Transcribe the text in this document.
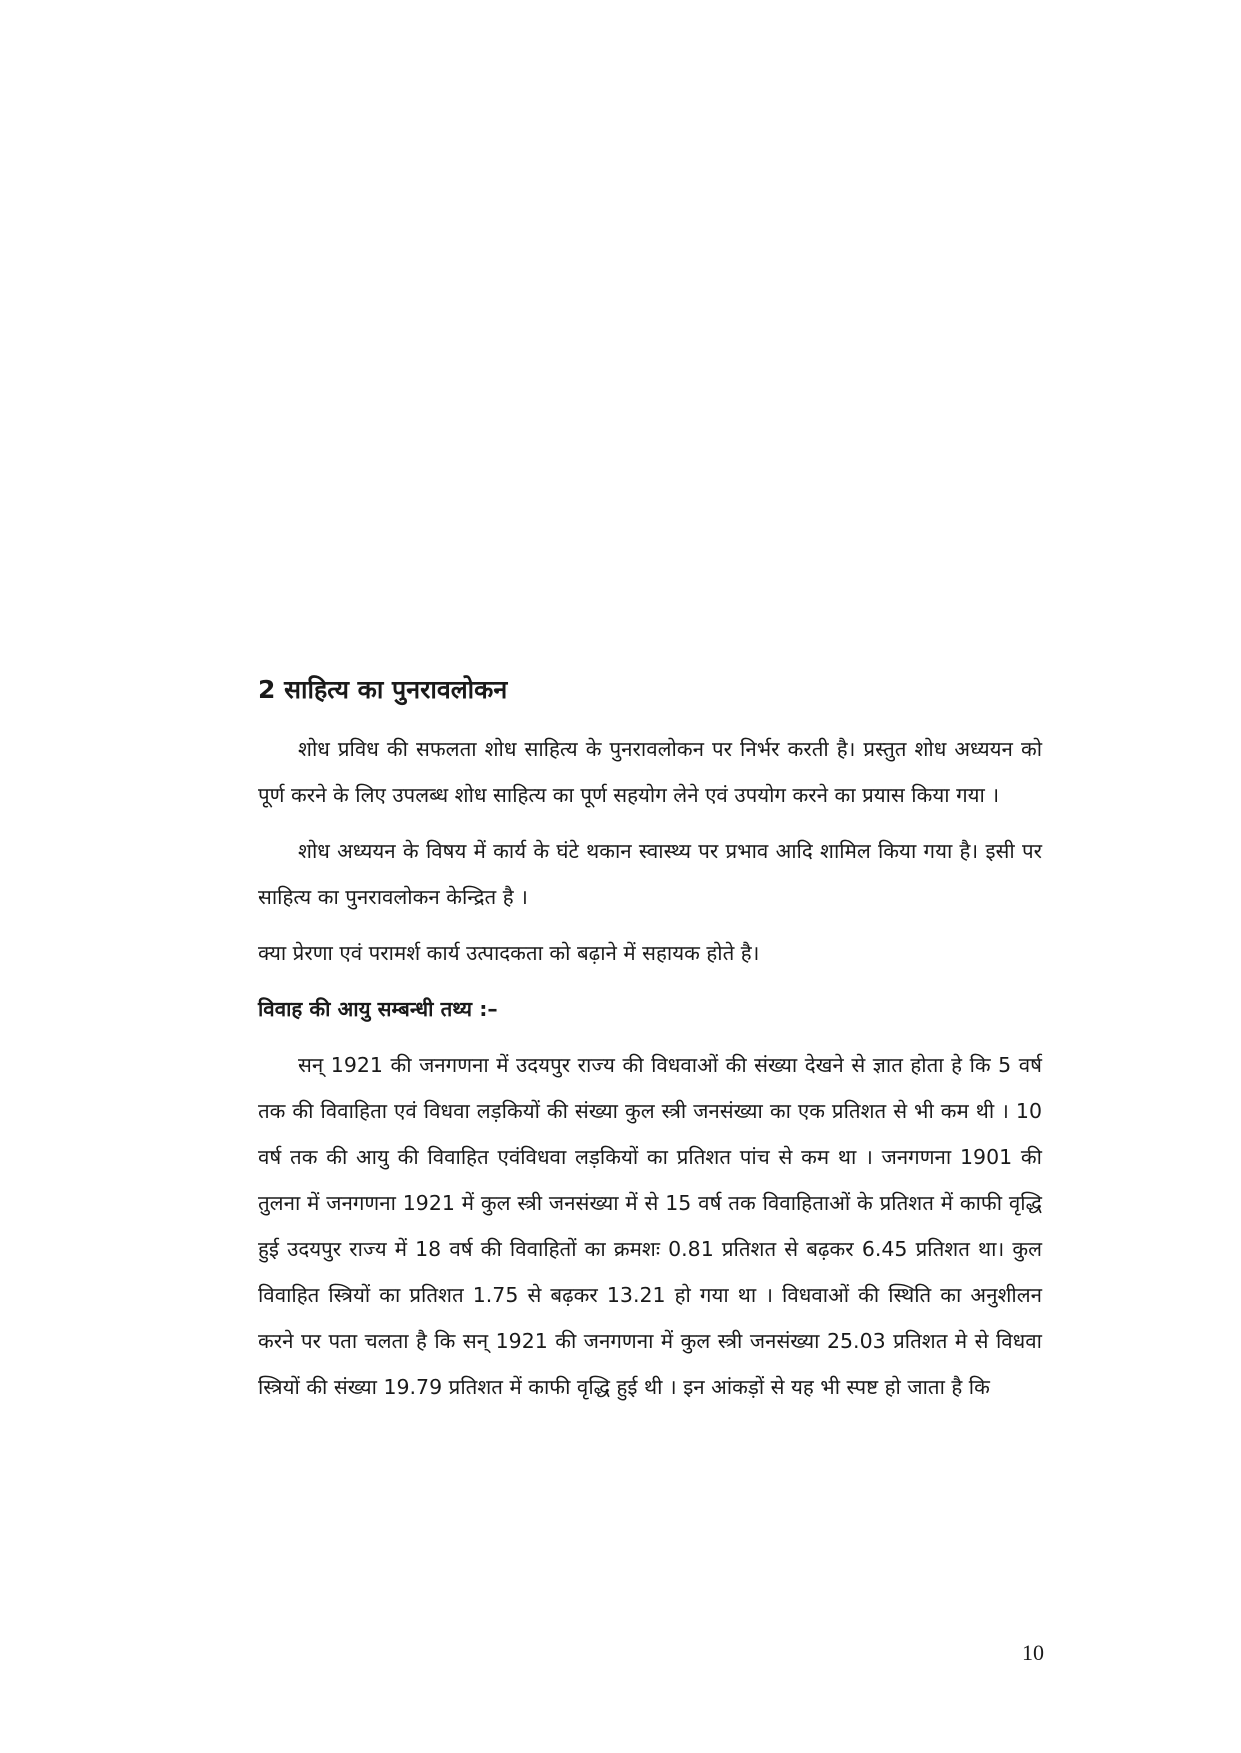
2 साहित्य का पुनरावलोकन

शोध प्रविध की सफलता शोध साहित्य के पुनरावलोकन पर निर्भर करती है। प्रस्तुत शोध अध्ययन को पूर्ण करने के लिए उपलब्ध शोध साहित्य का पूर्ण सहयोग लेने एवं उपयोग करने का प्रयास किया गया ।

शोध अध्ययन के विषय में कार्य के घंटे थकान स्वास्थ्य पर प्रभाव आदि शामिल किया गया है। इसी पर साहित्य का पुनरावलोकन केन्द्रित है ।

क्या प्रेरणा एवं परामर्श कार्य उत्पादकता को बढ़ाने में सहायक होते है।

विवाह की आयु सम्बन्धी तथ्य :–

सन् 1921 की जनगणना में उदयपुर राज्य की विधवाओं की संख्या देखने से ज्ञात होता हे कि 5 वर्ष तक की विवाहिता एवं विधवा लड़कियों की संख्या कुल स्त्री जनसंख्या का एक प्रतिशत से भी कम थी । 10 वर्ष तक की आयु की विवाहित एवंविधवा लड़कियों का प्रतिशत पांच से कम था । जनगणना 1901 की तुलना में जनगणना 1921 में कुल स्त्री जनसंख्या में से 15 वर्ष तक विवाहिताओं के प्रतिशत में काफी वृद्धि हुई उदयपुर राज्य में 18 वर्ष की विवाहितों का क्रमशः 0.81 प्रतिशत से बढ़कर 6.45 प्रतिशत था। कुल विवाहित स्त्रियों का प्रतिशत 1.75 से बढ़कर 13.21 हो गया था । विधवाओं की स्थिति का अनुशीलन करने पर पता चलता है कि सन् 1921 की जनगणना में कुल स्त्री जनसंख्या 25.03 प्रतिशत मे से विधवा स्त्रियों की संख्या 19.79 प्रतिशत में काफी वृद्धि हुई थी । इन आंकड़ों से यह भी स्पष्ट हो जाता है कि

10
